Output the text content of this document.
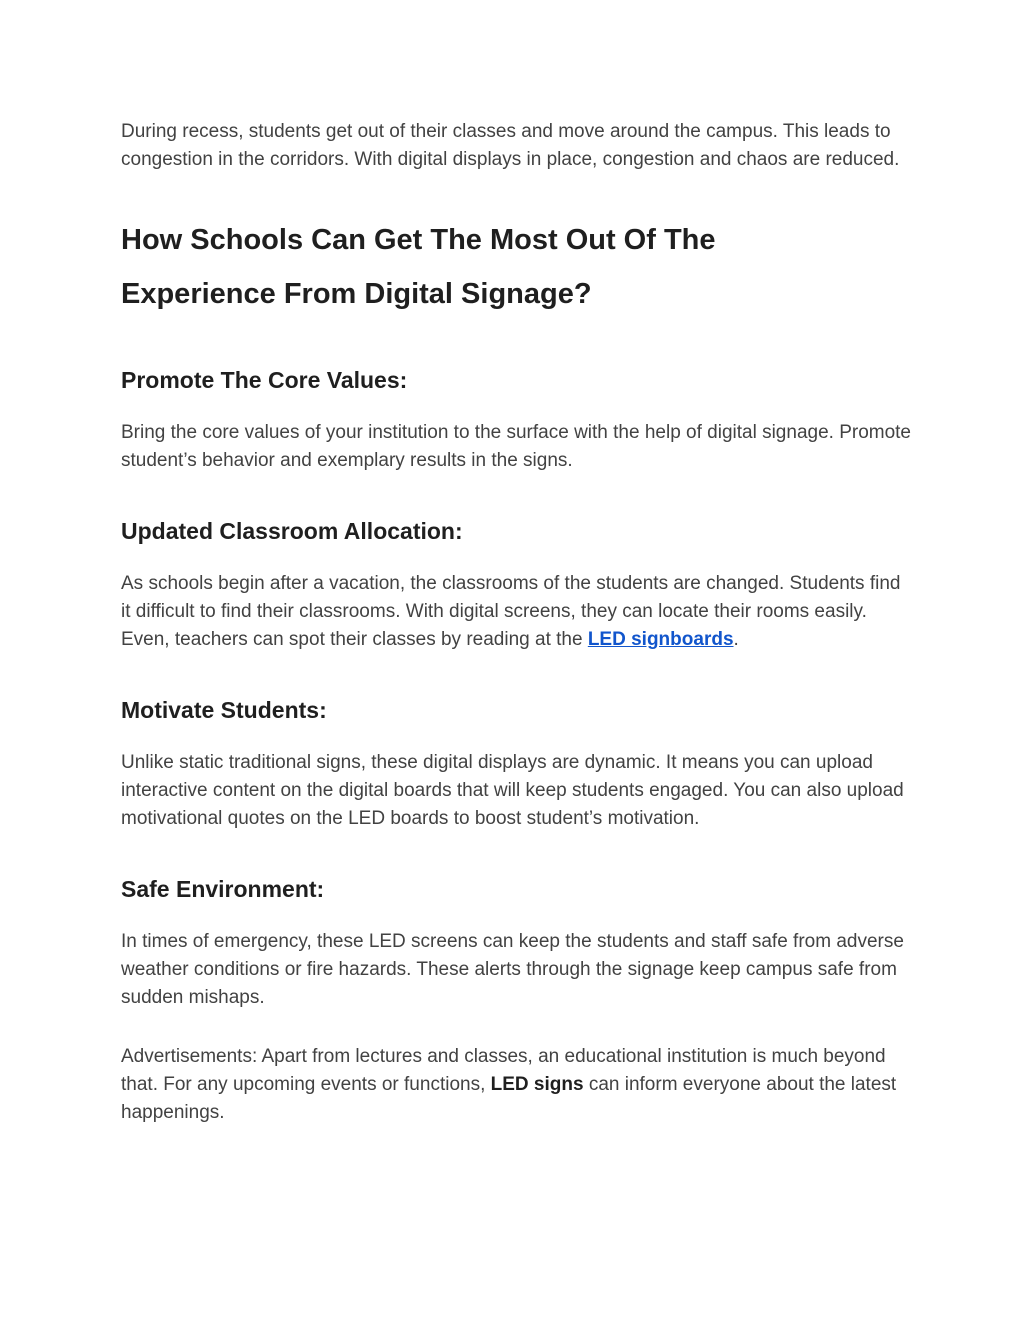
During recess, students get out of their classes and move around the campus. This leads to congestion in the corridors. With digital displays in place, congestion and chaos are reduced.

How Schools Can Get The Most Out Of The
Experience From Digital Signage?
Promote The Core Values:

Bring the core values of your institution to the surface with the help of digital signage. Promote student’s behavior and exemplary results in the signs.

Updated Classroom Allocation:

As schools begin after a vacation, the classrooms of the students are changed. Students find it difficult to find their classrooms. With digital screens, they can locate their rooms easily. Even, teachers can spot their classes by reading at the LED signboards.

Motivate Students:

Unlike static traditional signs, these digital displays are dynamic. It means you can upload interactive content on the digital boards that will keep students engaged. You can also upload motivational quotes on the LED boards to boost student’s motivation.

Safe Environment:

In times of emergency, these LED screens can keep the students and staff safe from adverse weather conditions or fire hazards. These alerts through the signage keep campus safe from sudden mishaps.

Advertisements: Apart from lectures and classes, an educational institution is much beyond that. For any upcoming events or functions, LED signs can inform everyone about the latest happenings.
